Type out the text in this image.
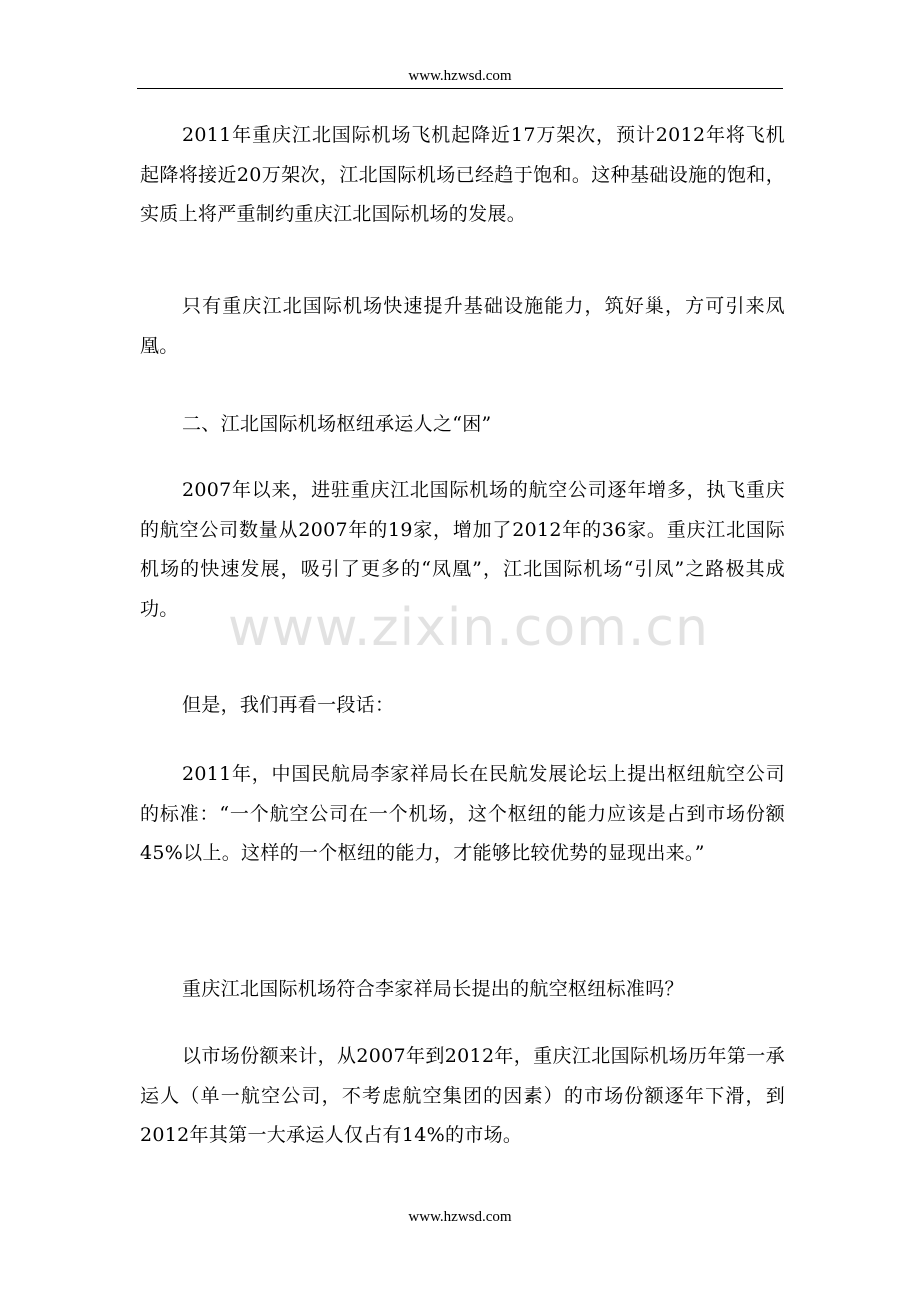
www.hzwsd.com

2011年重庆江北国际机场飞机起降近17万架次，预计2012年将飞机起降将接近20万架次，江北国际机场已经趋于饱和。这种基础设施的饱和，实质上将严重制约重庆江北国际机场的发展。

只有重庆江北国际机场快速提升基础设施能力，筑好巢，方可引来凤凰。

二、江北国际机场枢纽承运人之“困”

2007年以来，进驻重庆江北国际机场的航空公司逐年增多，执飞重庆的航空公司数量从2007年的19家，增加了2012年的36家。重庆江北国际机场的快速发展，吸引了更多的“凤凰”，江北国际机场“引凤”之路极其成功。

但是，我们再看一段话：

2011年，中国民航局李家祥局长在民航发展论坛上提出枢纽航空公司的标准：“一个航空公司在一个机场，这个枢纽的能力应该是占到市场份额45%以上。这样的一个枢纽的能力，才能够比较优势的显现出来。”

重庆江北国际机场符合李家祥局长提出的航空枢纽标准吗？

以市场份额来计，从2007年到2012年，重庆江北国际机场历年第一承运人（单一航空公司，不考虑航空集团的因素）的市场份额逐年下滑，到2012年其第一大承运人仅占有14%的市场。

www.zixin.com.cn
www.hzwsd.com
